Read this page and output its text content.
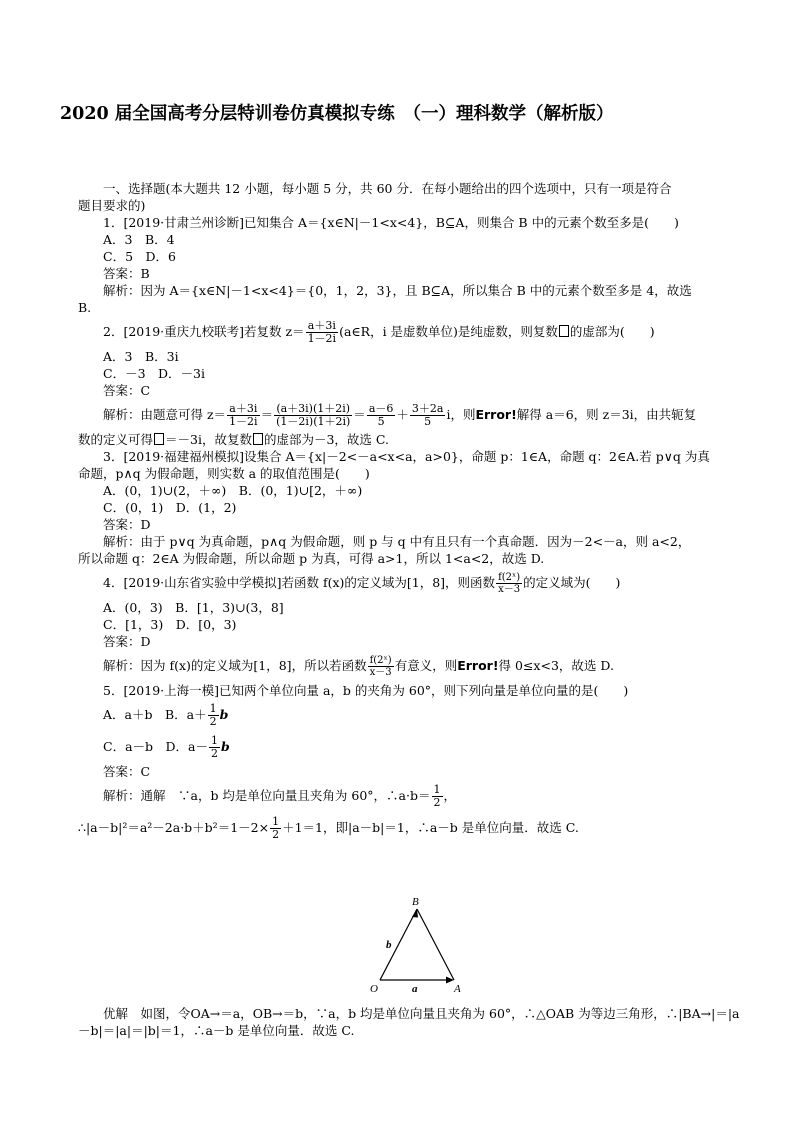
2020 届全国高考分层特训卷仿真模拟专练　（一）理科数学（解析版）
一、选择题(本大题共 12 小题，每小题 5 分，共 60 分．在每小题给出的四个选项中，只有一项是符合
题目要求的)
1．[2019·甘肃兰州诊断]已知集合 A＝{x∈N|－1<x<4}，B⊆A，则集合 B 中的元素个数至多是(　　)
A．3　B．4
C．5　D．6
答案：B
解析：因为 A＝{x∈N|－1<x<4}＝{0，1，2，3}，且 B⊆A，所以集合 B 中的元素个数至多是 4，故选
B.
2．[2019·重庆九校联考]若复数 $z= \frac{a+3i}{1-2i}$ (a∈R，i 是虚数单位)是纯虚数，则复数 的虚部为(　　)
A．3　B．3i
C．－3　D．－3i
答案：C
解析：由题意可得 $z= \frac{a+3i}{1-2i} = \frac{(a+3i)(1+2i)}{(1-2i)(1+2i)} = \frac{a-6}{5} + \frac{3+2a}{5}$ i，则Error!解得 a＝6，则 z＝3i，由共轭复
数的定义可得 ＝－3i，故复数 的虚部为－3，故选 C.
3．[2019·福建福州模拟]设集合 A＝{x|－2<－a<x<a，a>0}，命题 p：1∈A，命题 q：2∈A.若 p∨q 为真
命题，p∧q 为假命题，则实数 a 的取值范围是(　　)
A．(0，1)∪(2，＋∞)　B．(0，1)∪[2，＋∞)
C．(0，1)　D．(1，2)
答案：D
解析：由于 p∨q 为真命题，p∧q 为假命题，则 p 与 q 中有且只有一个真命题．因为－2<－a，则 a<2，
所以命题 q：2∈A 为假命题，所以命题 p 为真，可得 a>1，所以 1<a<2，故选 D.
4．[2019·山东省实验中学模拟]若函数 f(x)的定义域为[1，8]，则函数 $\frac{\text{f(2ˣ)}}{x-3}$ 的定义域为(　　)
A．(0，3)　B．[1，3)∪(3，8]
C．[1，3)　D．[0，3)
答案：D
解析：因为 f(x)的定义域为[1，8]，所以若函数 $\frac{\text{f(2ˣ)}}{x-3}$ 有意义，则Error!得 0≤x<3，故选 D.
5．[2019·上海一模]已知两个单位向量 a，b 的夹角为 60°，则下列向量是单位向量的是(　　)
A．a＋b　B．$a+ \frac{1}{2}$ b
C．a－b　D．$a- \frac{1}{2}$ b
答案：C
解析：通解　∵a，b 均是单位向量且夹角为 60°，∴a·b＝ $\frac{1}{2}$ ，
∴|a－b|²＝a²－2a·b＋b²＝1－2× $\frac{1}{2} +1=1$，即|a－b|＝1，∴a－b 是单位向量．故选 C.
O	A
B
a
b
优解　如图，令OA→＝a，OB→＝b，∵a，b 均是单位向量且夹角为 60°，∴△OAB 为等边三角形，∴|BA→|＝|a
－b|＝|a|＝|b|＝1，∴a－b 是单位向量．故选 C.
